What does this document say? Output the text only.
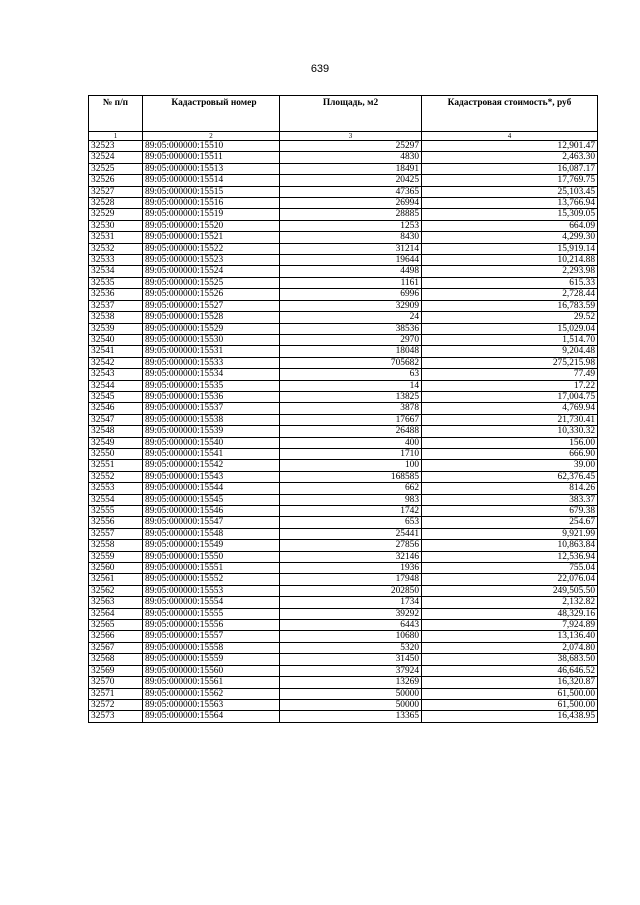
639
№ п/п	Кадастровый номер	Площадь, м2	Кадастровая стоимость*, руб
1	2	3	4
32523	89:05:000000:15510	25297	12,901.47
32524	89:05:000000:15511	4830	2,463.30
32525	89:05:000000:15513	18491	16,087.17
32526	89:05:000000:15514	20425	17,769.75
32527	89:05:000000:15515	47365	25,103.45
32528	89:05:000000:15516	26994	13,766.94
32529	89:05:000000:15519	28885	15,309.05
32530	89:05:000000:15520	1253	664.09
32531	89:05:000000:15521	8430	4,299.30
32532	89:05:000000:15522	31214	15,919.14
32533	89:05:000000:15523	19644	10,214.88
32534	89:05:000000:15524	4498	2,293.98
32535	89:05:000000:15525	1161	615.33
32536	89:05:000000:15526	6996	2,728.44
32537	89:05:000000:15527	32909	16,783.59
32538	89:05:000000:15528	24	29.52
32539	89:05:000000:15529	38536	15,029.04
32540	89:05:000000:15530	2970	1,514.70
32541	89:05:000000:15531	18048	9,204.48
32542	89:05:000000:15533	705682	275,215.98
32543	89:05:000000:15534	63	77.49
32544	89:05:000000:15535	14	17.22
32545	89:05:000000:15536	13825	17,004.75
32546	89:05:000000:15537	3878	4,769.94
32547	89:05:000000:15538	17667	21,730.41
32548	89:05:000000:15539	26488	10,330.32
32549	89:05:000000:15540	400	156.00
32550	89:05:000000:15541	1710	666.90
32551	89:05:000000:15542	100	39.00
32552	89:05:000000:15543	168585	62,376.45
32553	89:05:000000:15544	662	814.26
32554	89:05:000000:15545	983	383.37
32555	89:05:000000:15546	1742	679.38
32556	89:05:000000:15547	653	254.67
32557	89:05:000000:15548	25441	9,921.99
32558	89:05:000000:15549	27856	10,863.84
32559	89:05:000000:15550	32146	12,536.94
32560	89:05:000000:15551	1936	755.04
32561	89:05:000000:15552	17948	22,076.04
32562	89:05:000000:15553	202850	249,505.50
32563	89:05:000000:15554	1734	2,132.82
32564	89:05:000000:15555	39292	48,329.16
32565	89:05:000000:15556	6443	7,924.89
32566	89:05:000000:15557	10680	13,136.40
32567	89:05:000000:15558	5320	2,074.80
32568	89:05:000000:15559	31450	38,683.50
32569	89:05:000000:15560	37924	46,646.52
32570	89:05:000000:15561	13269	16,320.87
32571	89:05:000000:15562	50000	61,500.00
32572	89:05:000000:15563	50000	61,500.00
32573	89:05:000000:15564	13365	16,438.95
